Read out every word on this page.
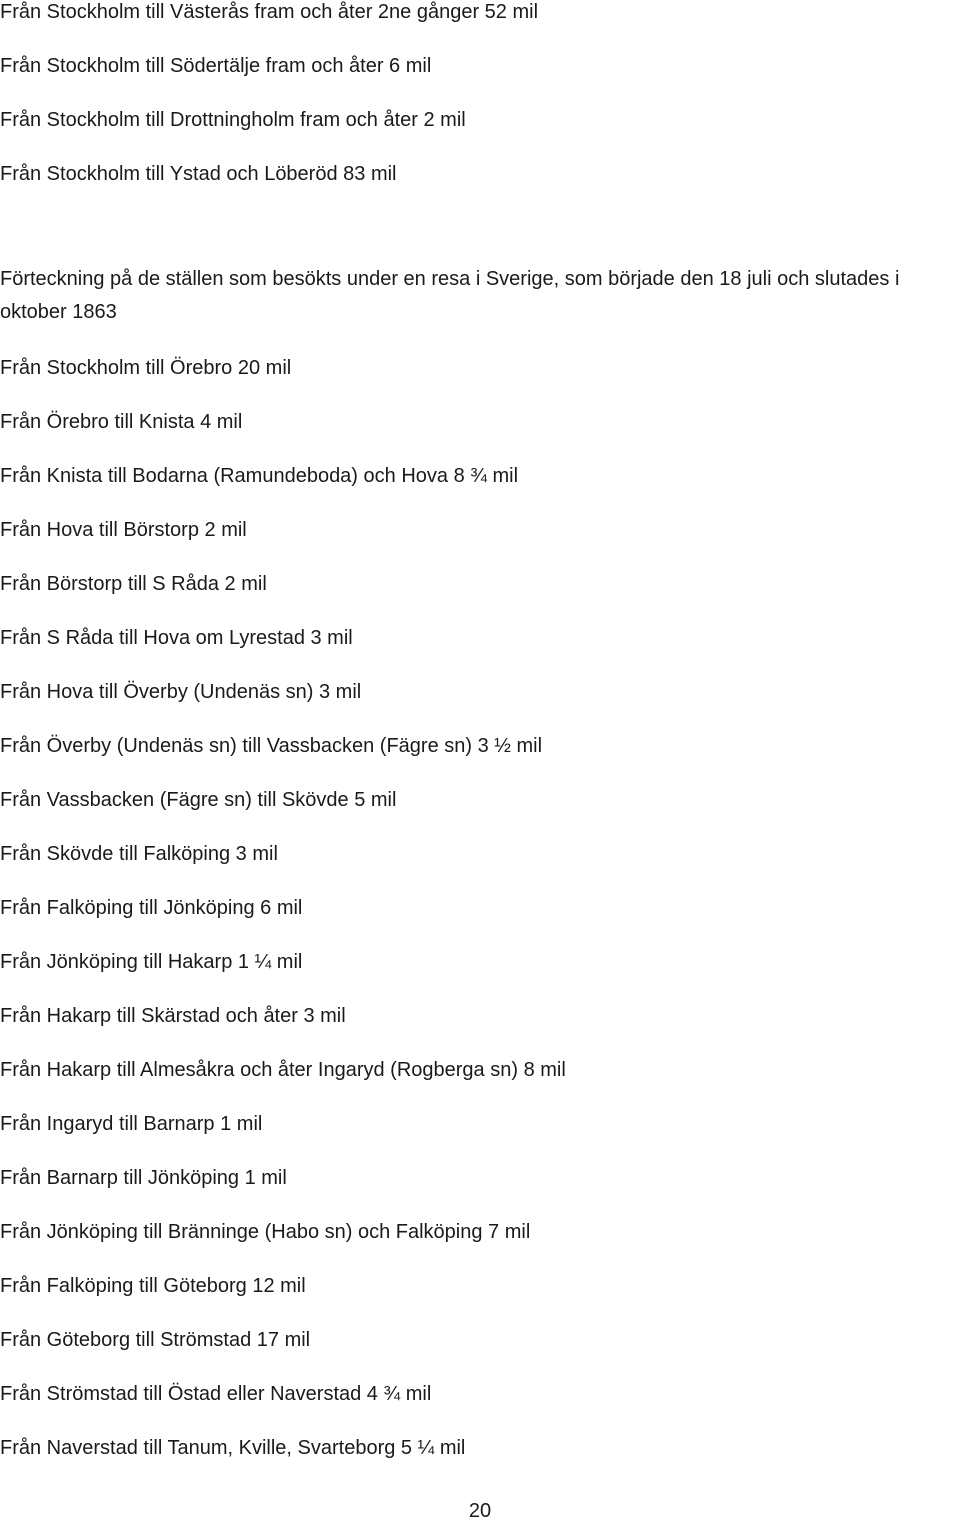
Från Stockholm till Västerås fram och åter 2ne gånger 52 mil

Från Stockholm till Södertälje fram och åter 6 mil

Från Stockholm till Drottningholm fram och åter 2 mil

Från Stockholm till Ystad och Löberöd 83 mil

Förteckning på de ställen som besökts under en resa i Sverige, som började den 18 juli och slutades i oktober 1863

Från Stockholm till Örebro 20 mil

Från Örebro till Knista 4 mil

Från Knista till Bodarna (Ramundeboda) och Hova 8 ¾ mil

Från Hova till Börstorp 2 mil

Från Börstorp till S Råda 2 mil

Från S Råda till Hova om Lyrestad 3 mil

Från Hova till Överby (Undenäs sn) 3 mil

Från Överby (Undenäs sn) till Vassbacken (Fägre sn) 3 ½ mil

Från Vassbacken (Fägre sn) till Skövde 5 mil

Från Skövde till Falköping 3 mil

Från Falköping till Jönköping 6 mil

Från Jönköping till Hakarp 1 ¼ mil

Från Hakarp till Skärstad och åter 3 mil

Från Hakarp till Almesåkra och åter Ingaryd (Rogberga sn) 8 mil

Från Ingaryd till Barnarp 1 mil

Från Barnarp till Jönköping 1 mil

Från Jönköping till Bränninge (Habo sn) och Falköping 7 mil

Från Falköping till Göteborg 12 mil

Från Göteborg till Strömstad 17 mil

Från Strömstad till Östad eller Naverstad 4 ¾ mil

Från Naverstad till Tanum, Kville, Svarteborg 5 ¼ mil

20
